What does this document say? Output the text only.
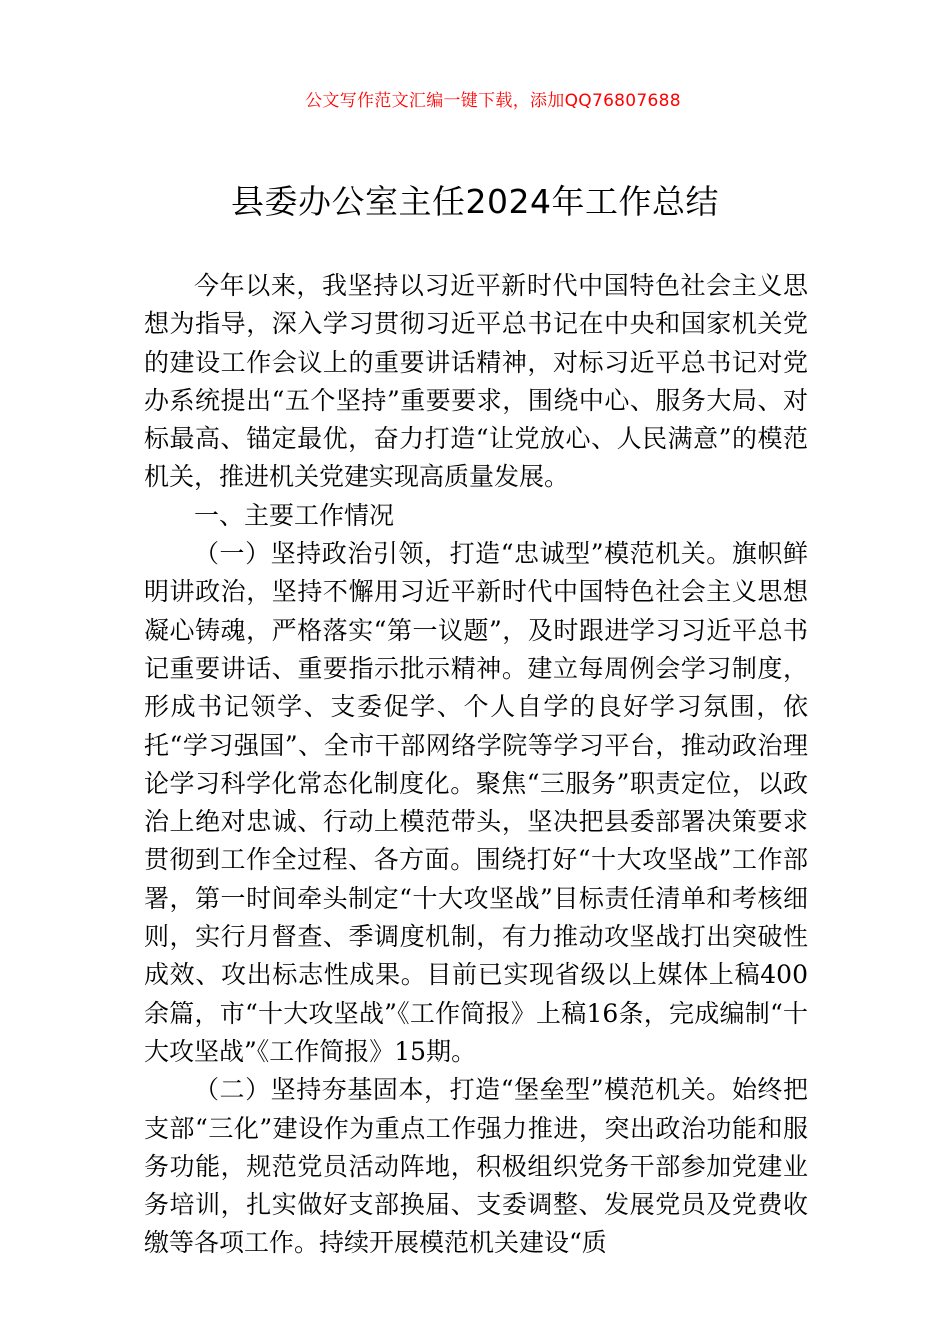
公文写作范文汇编一键下载，添加QQ76807688
县委办公室主任2024年工作总结

今年以来，我坚持以习近平新时代中国特色社会主义思想为指导，深入学习贯彻习近平总书记在中央和国家机关党的建设工作会议上的重要讲话精神，对标习近平总书记对党办系统提出“五个坚持”重要要求，围绕中心、服务大局、对标最高、锚定最优，奋力打造“让党放心、人民满意”的模范机关，推进机关党建实现高质量发展。

一、主要工作情况

（一）坚持政治引领，打造“忠诚型”模范机关。旗帜鲜明讲政治，坚持不懈用习近平新时代中国特色社会主义思想凝心铸魂，严格落实“第一议题”，及时跟进学习习近平总书记重要讲话、重要指示批示精神。建立每周例会学习制度，形成书记领学、支委促学、个人自学的良好学习氛围，依托“学习强国”、全市干部网络学院等学习平台，推动政治理论学习科学化常态化制度化。聚焦“三服务”职责定位，以政治上绝对忠诚、行动上模范带头，坚决把县委部署决策要求贯彻到工作全过程、各方面。围绕打好“十大攻坚战”工作部署，第一时间牵头制定“十大攻坚战”目标责任清单和考核细则，实行月督查、季调度机制，有力推动攻坚战打出突破性成效、攻出标志性成果。目前已实现省级以上媒体上稿400余篇，市“十大攻坚战”《工作简报》上稿16条，完成编制“十大攻坚战”《工作简报》15期。

（二）坚持夯基固本，打造“堡垒型”模范机关。始终把支部“三化”建设作为重点工作强力推进，突出政治功能和服务功能，规范党员活动阵地，积极组织党务干部参加党建业务培训，扎实做好支部换届、支委调整、发展党员及党费收缴等各项工作。持续开展模范机关建设“质
